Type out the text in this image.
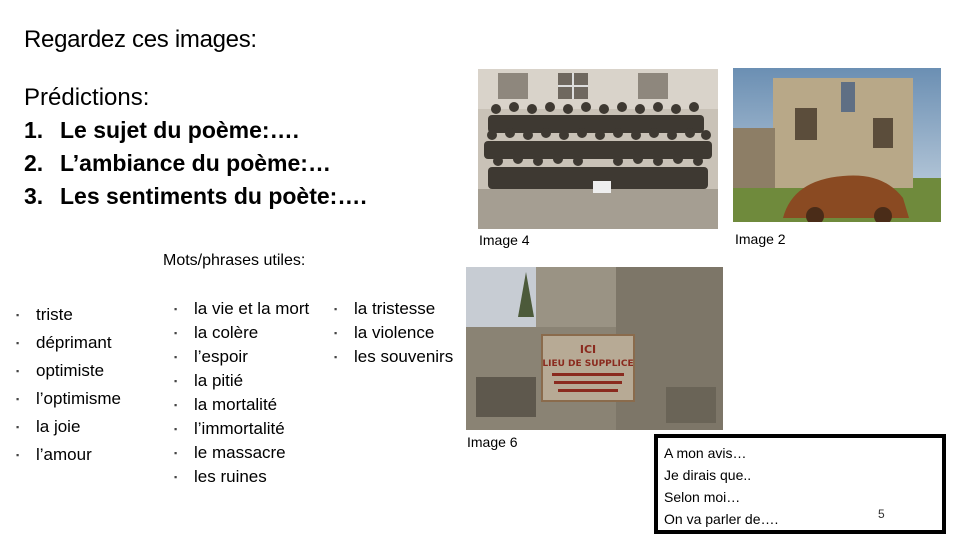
Regardez ces images:
Prédictions:
1. Le sujet du poème:….
2. L’ambiance du poème:…
3. Les sentiments du poète:….
Mots/phrases utiles:
▪ triste
▪ déprimant
▪ optimiste
▪ l’optimisme
▪ la joie
▪ l’amour
▪ la vie et la mort
▪ la colère
▪ l’espoir
▪ la pitié
▪ la mortalité
▪ l’immortalité
▪ le massacre
▪ les ruines
▪ la tristesse
▪ la violence
▪ les souvenirs	ICI
LIEU DE SUPPLICE
Image 4	Image 2
Image 6
A mon avis…
Je dirais que..
Selon moi…
On va parler de….	5
